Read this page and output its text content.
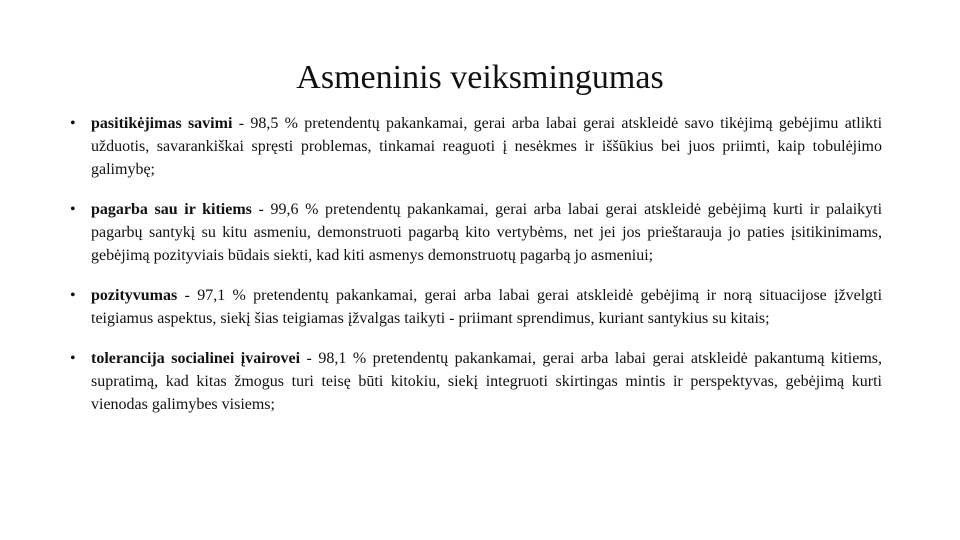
Asmeninis veiksmingumas
• pasitikėjimas savimi - 98,5 % pretendentų pakankamai, gerai arba labai gerai atskleidė savo tikėjimą gebėjimu atlikti užduotis, savarankiškai spręsti problemas, tinkamai reaguoti į nesėkmes ir iššūkius bei juos priimti, kaip tobulėjimo galimybę;
• pagarba sau ir kitiems - 99,6 % pretendentų pakankamai, gerai arba labai gerai atskleidė gebėjimą kurti ir palaikyti pagarbų santykį su kitu asmeniu, demonstruoti pagarbą kito vertybėms, net jei jos prieštarauja jo paties įsitikinimams, gebėjimą pozityviais būdais siekti, kad kiti asmenys demonstruotų pagarbą jo asmeniui;
• pozityvumas - 97,1 % pretendentų pakankamai, gerai arba labai gerai atskleidė gebėjimą ir norą situacijose įžvelgti teigiamus aspektus, siekį šias teigiamas įžvalgas taikyti - priimant sprendimus, kuriant santykius su kitais;
• tolerancija socialinei įvairovei - 98,1 % pretendentų pakankamai, gerai arba labai gerai atskleidė pakantumą kitiems, supratimą, kad kitas žmogus turi teisę būti kitokiu, siekį integruoti skirtingas mintis ir perspektyvas, gebėjimą kurti vienodas galimybes visiems;
